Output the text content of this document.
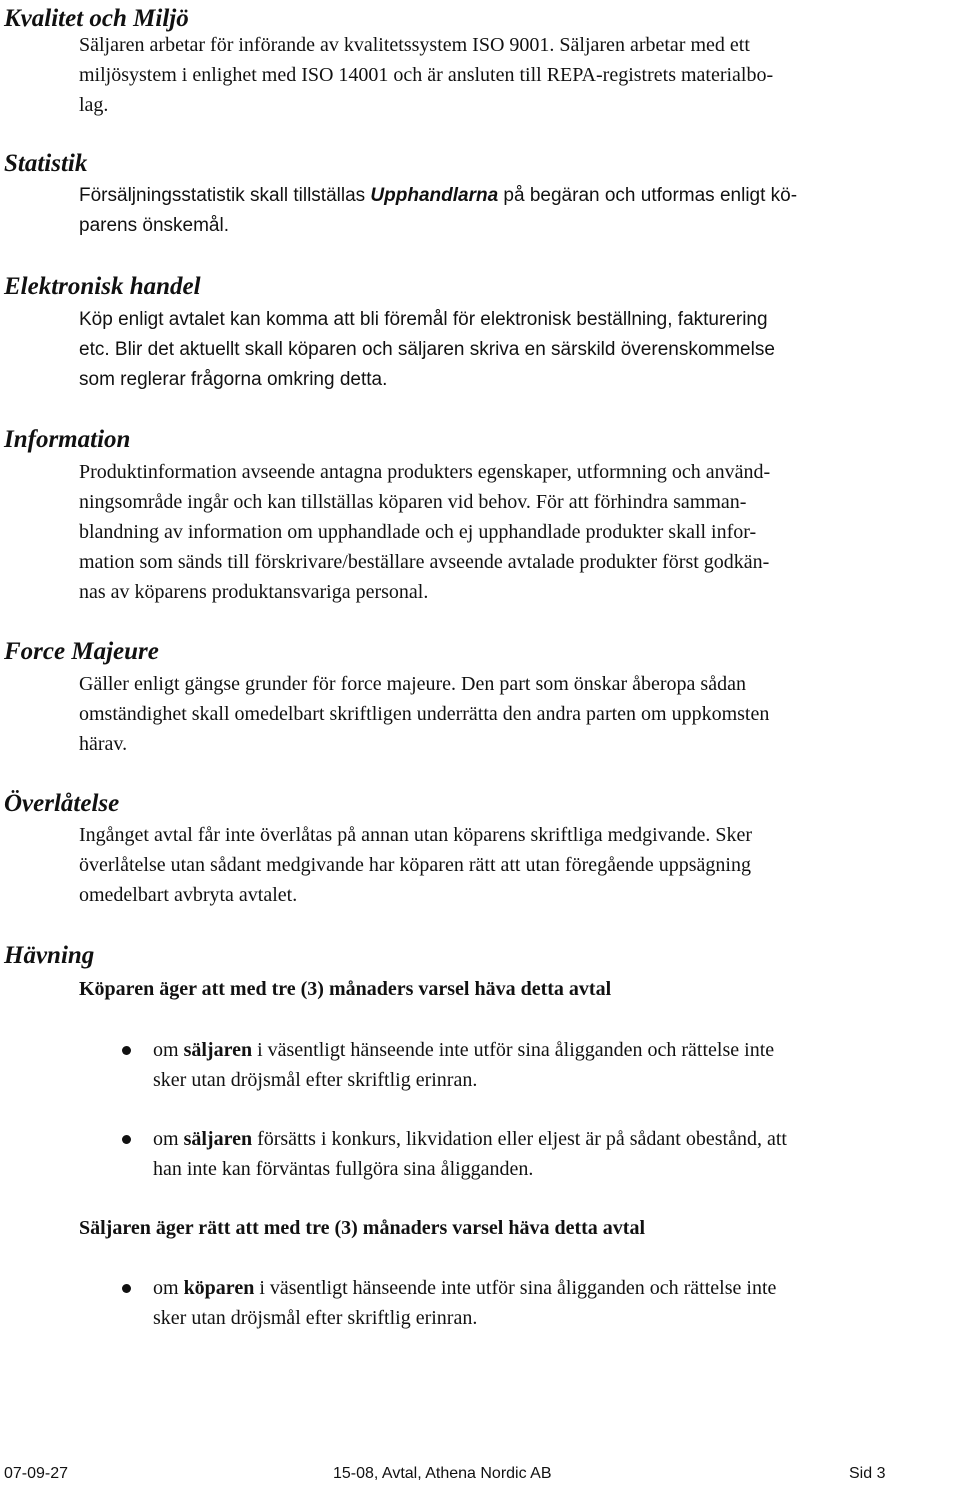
Kvalitet och Miljö

Säljaren arbetar för införande av kvalitetssystem ISO 9001. Säljaren arbetar med ett
miljösystem i enlighet med ISO 14001 och är ansluten till REPA-registrets materialbo-
lag.

Statistik

Försäljningsstatistik skall tillställas Upphandlarna på begäran och utformas enligt kö-
parens önskemål.

Elektronisk handel

Köp enligt avtalet kan komma att bli föremål för elektronisk beställning, fakturering
etc. Blir det aktuellt skall köparen och säljaren skriva en särskild överenskommelse
som reglerar frågorna omkring detta.

Information

Produktinformation avseende antagna produkters egenskaper, utformning och använd-
ningsområde ingår och kan tillställas köparen vid behov. För att förhindra samman-
blandning av information om upphandlade och ej upphandlade produkter skall infor-
mation som sänds till förskrivare/beställare avseende avtalade produkter först godkän-
nas av köparens produktansvariga personal.

Force Majeure

Gäller enligt gängse grunder för force majeure. Den part som önskar åberopa sådan
omständighet skall omedelbart skriftligen underrätta den andra parten om uppkomsten
härav.

Överlåtelse

Ingånget avtal får inte överlåtas på annan utan köparens skriftliga medgivande. Sker
överlåtelse utan sådant medgivande har köparen rätt att utan föregående uppsägning
omedelbart avbryta avtalet.

Hävning

Köparen äger att med tre (3) månaders varsel häva detta avtal

om säljaren i väsentligt hänseende inte utför sina åligganden och rättelse inte
sker utan dröjsmål efter skriftlig erinran.

om säljaren försätts i konkurs, likvidation eller eljest är på sådant obestånd, att
han inte kan förväntas fullgöra sina åligganden.

Säljaren äger rätt att med tre (3) månaders varsel häva detta avtal

om köparen i väsentligt hänseende inte utför sina åligganden och rättelse inte
sker utan dröjsmål efter skriftlig erinran.

07-09-27	15-08, Avtal, Athena Nordic AB	Sid 3
